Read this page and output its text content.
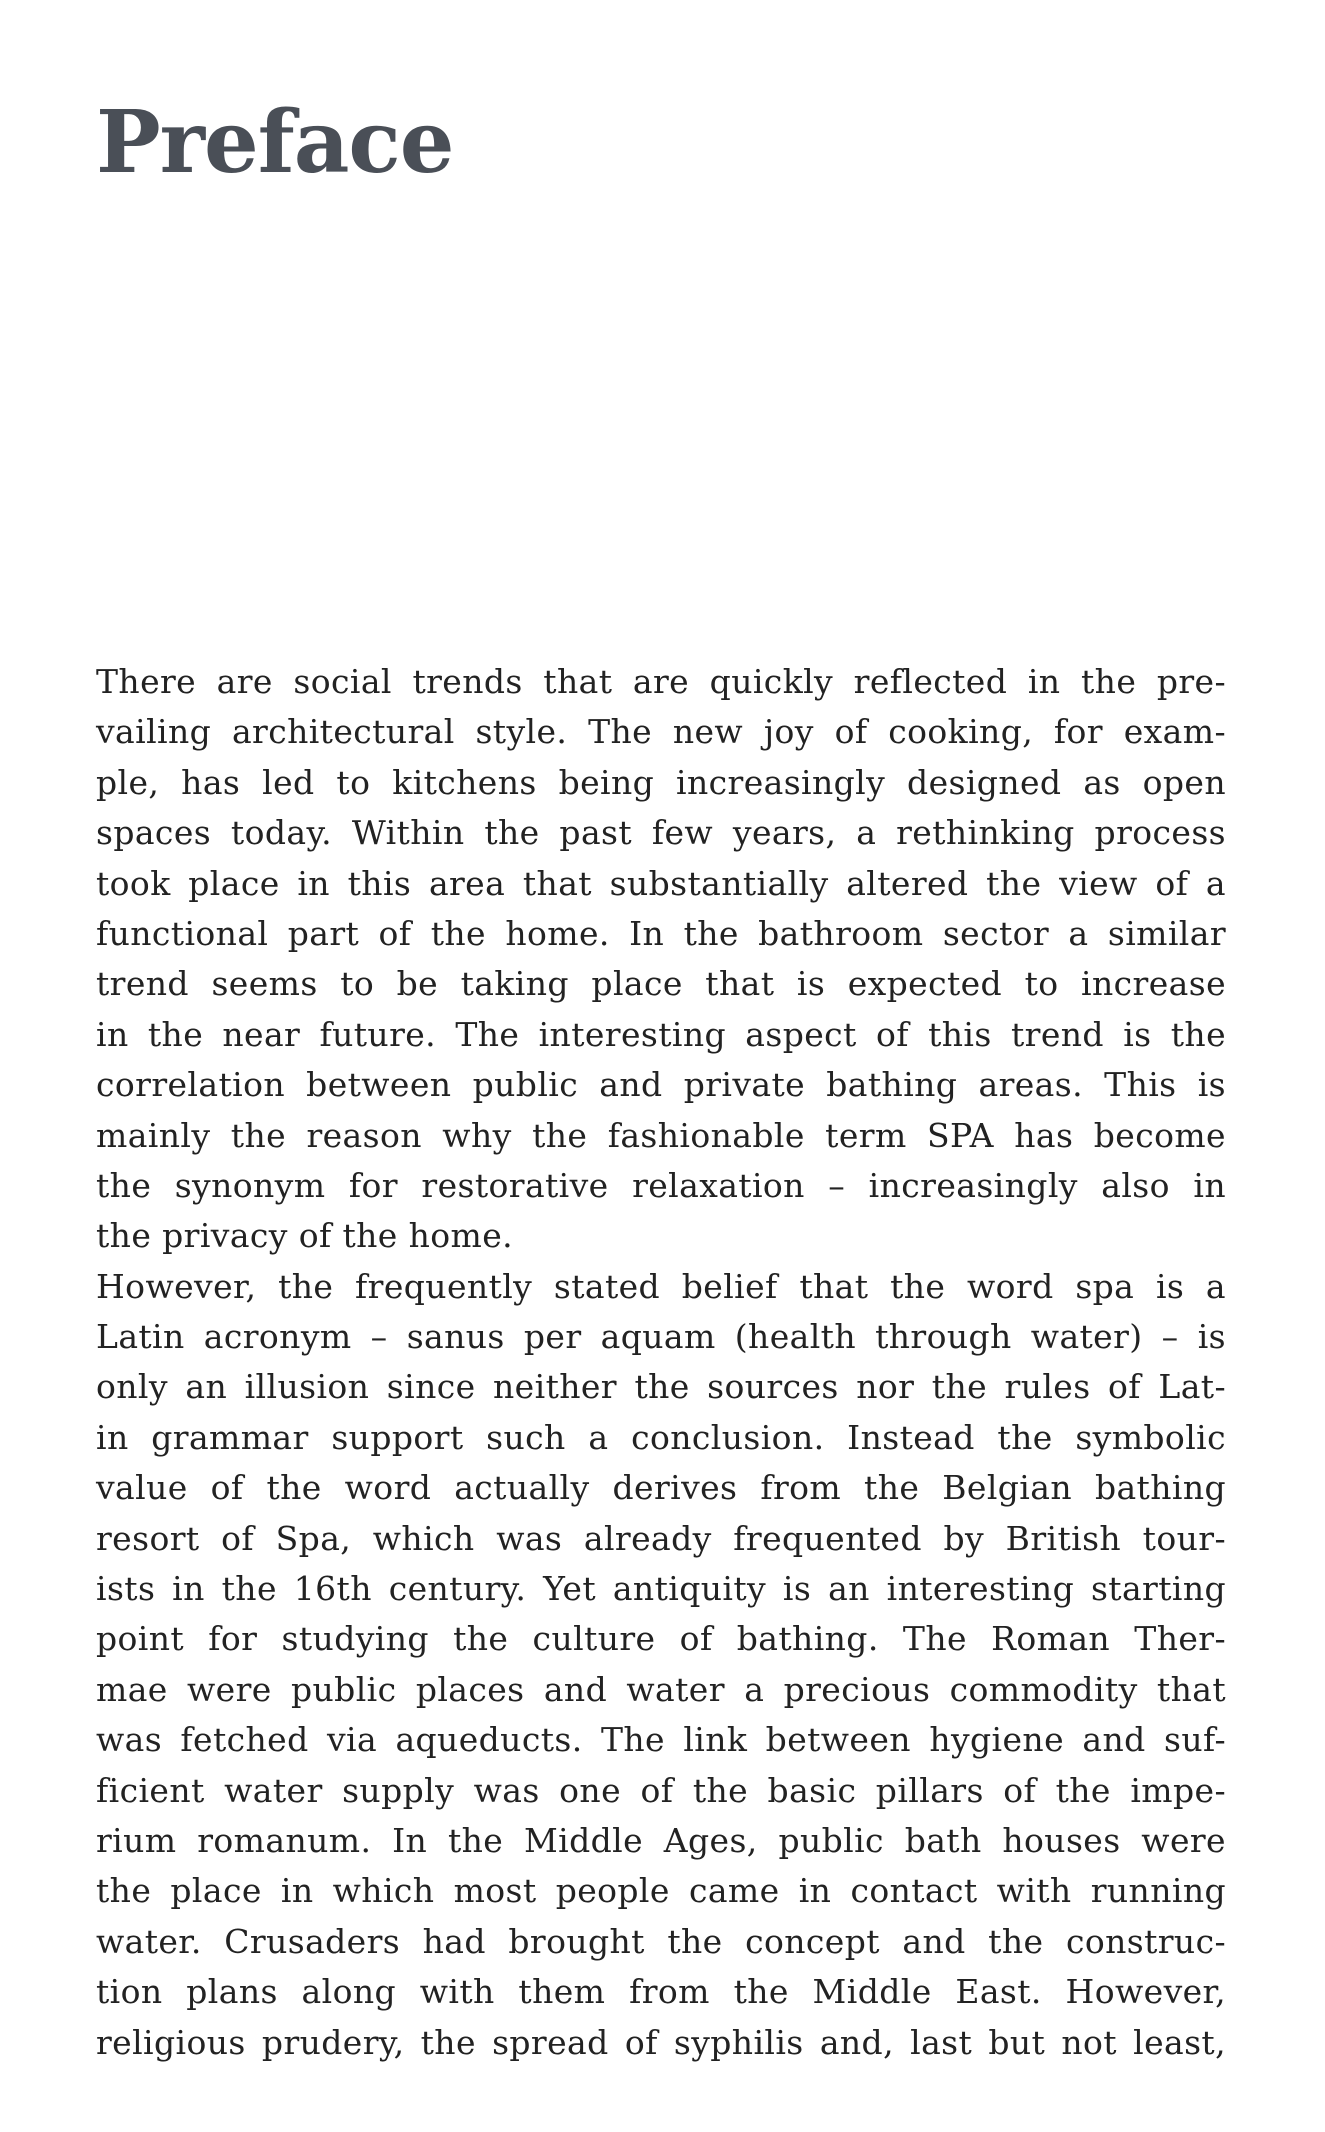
Preface
There are social trends that are quickly reflected in the pre-
vailing architectural style. The new joy of cooking, for exam-
ple, has led to kitchens being increasingly designed as open
spaces today. Within the past few years, a rethinking process
took place in this area that substantially altered the view of a
functional part of the home. In the bathroom sector a similar
trend seems to be taking place that is expected to increase
in the near future. The interesting aspect of this trend is the
correlation between public and private bathing areas. This is
mainly the reason why the fashionable term SPA has become
the synonym for restorative relaxation – increasingly also in
the privacy of the home.
However, the frequently stated belief that the word spa is a
Latin acronym – sanus per aquam (health through water) – is
only an illusion since neither the sources nor the rules of Lat-
in grammar support such a conclusion. Instead the symbolic
value of the word actually derives from the Belgian bathing
resort of Spa, which was already frequented by British tour-
ists in the 16th century. Yet antiquity is an interesting starting
point for studying the culture of bathing. The Roman Ther-
mae were public places and water a precious commodity that
was fetched via aqueducts. The link between hygiene and suf-
ficient water supply was one of the basic pillars of the impe-
rium romanum. In the Middle Ages, public bath houses were
the place in which most people came in contact with running
water. Crusaders had brought the concept and the construc-
tion plans along with them from the Middle East. However,
religious prudery, the spread of syphilis and, last but not least,
